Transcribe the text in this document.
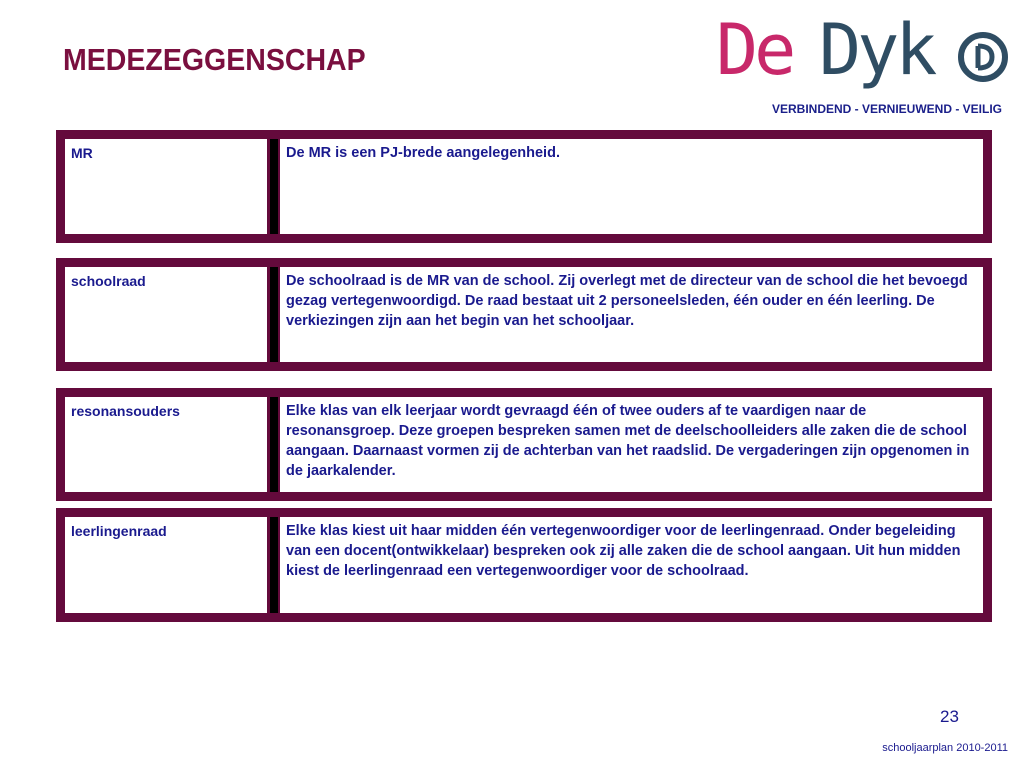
MEDEZEGGENSCHAP	De Dyk
VERBINDEND - VERNIEUWEND - VEILIG
MR	De MR is een PJ-brede aangelegenheid.
schoolraad	De schoolraad is de MR van de school. Zij overlegt met de directeur van de school die het bevoegd gezag vertegenwoordigd. De raad bestaat uit 2 personeelsleden, één ouder en één leerling. De verkiezingen zijn aan het begin van het schooljaar.
resonansouders	Elke klas van elk leerjaar wordt gevraagd één of twee ouders af te vaardigen naar de resonansgroep. Deze groepen bespreken samen met de deelschoolleiders alle zaken die de school aangaan. Daarnaast vormen zij de achterban van het raadslid. De vergaderingen zijn opgenomen in de jaarkalender.
leerlingenraad	Elke klas kiest uit haar midden één vertegenwoordiger voor de leerlingenraad. Onder begeleiding van een docent(ontwikkelaar) bespreken ook zij alle zaken die de school aangaan. Uit hun midden kiest de leerlingenraad een vertegenwoordiger voor de schoolraad.
23
schooljaarplan 2010-2011
